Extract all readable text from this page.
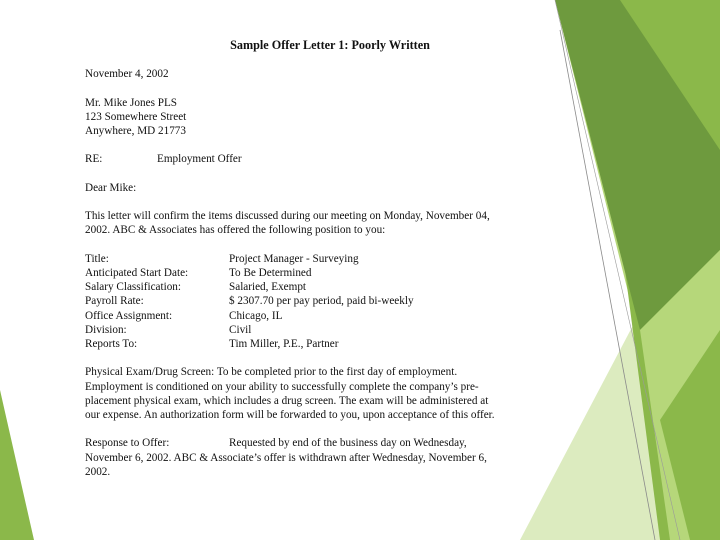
Sample Offer Letter 1: Poorly Written
November 4, 2002
Mr. Mike Jones PLS
123 Somewhere Street
Anywhere, MD 21773
RE:	Employment Offer
Dear Mike:
This letter will confirm the items discussed during our meeting on Monday, November 04,
2002. ABC & Associates has offered the following position to you:
Title:	Project Manager - Surveying
Anticipated Start Date:	To Be Determined
Salary Classification:	Salaried, Exempt
Payroll Rate:	$ 2307.70 per pay period, paid bi-weekly
Office Assignment:	Chicago, IL
Division:	Civil
Reports To:	Tim Miller, P.E., Partner
Physical Exam/Drug Screen: To be completed prior to the first day of employment.
Employment is conditioned on your ability to successfully complete the company’s pre-
placement physical exam, which includes a drug screen. The exam will be administered at
our expense. An authorization form will be forwarded to you, upon acceptance of this offer.
Response to Offer:	Requested by end of the business day on Wednesday,
November 6, 2002. ABC & Associate’s offer is withdrawn after Wednesday, November 6,
2002.
